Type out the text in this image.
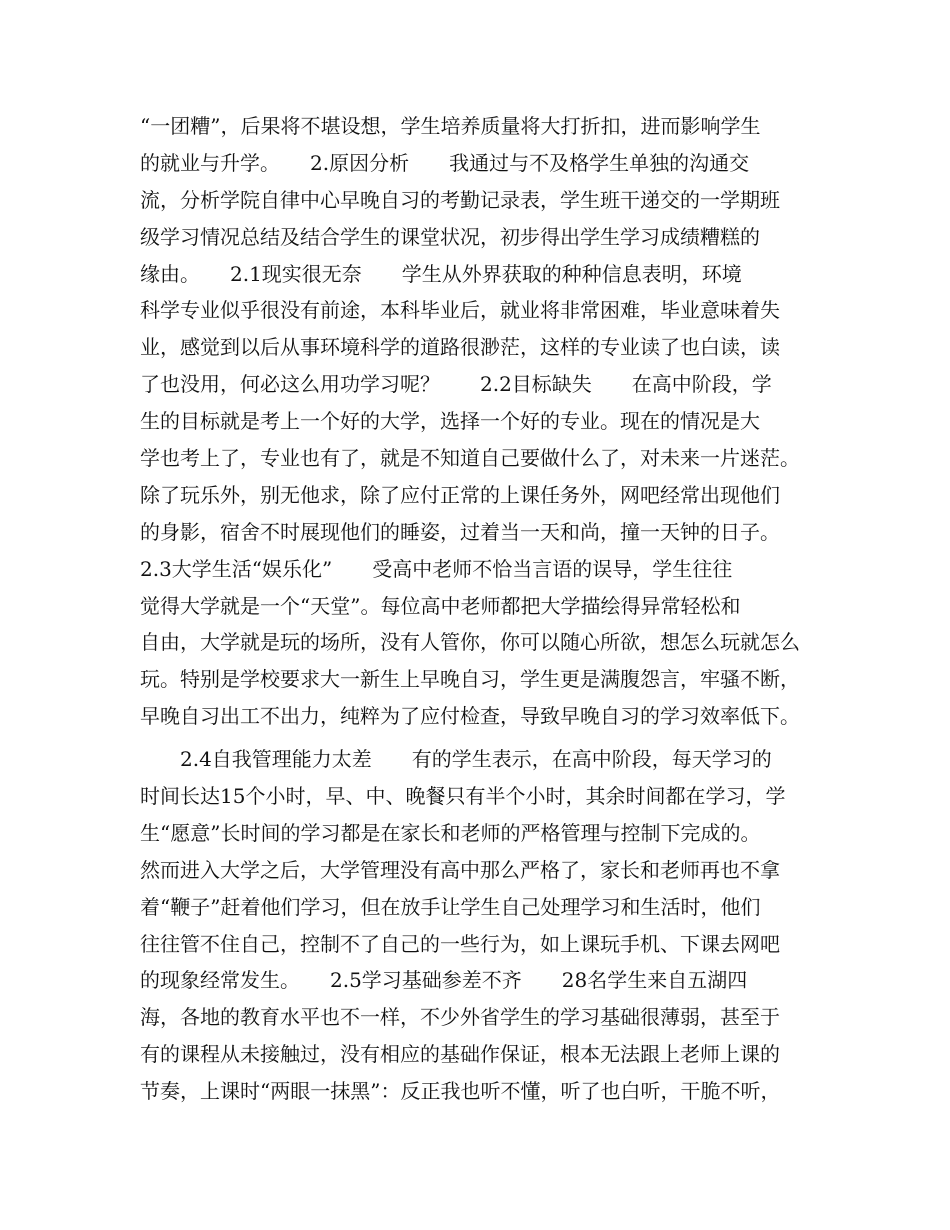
“一团糟”，后果将不堪设想，学生培养质量将大打折扣，进而影响学生
的就业与升学。　　2.原因分析　　我通过与不及格学生单独的沟通交
流，分析学院自律中心早晚自习的考勤记录表，学生班干递交的一学期班
级学习情况总结及结合学生的课堂状况，初步得出学生学习成绩糟糕的
缘由。　　2.1现实很无奈　　学生从外界获取的种种信息表明，环境
科学专业似乎很没有前途，本科毕业后，就业将非常困难，毕业意味着失
业，感觉到以后从事环境科学的道路很渺茫，这样的专业读了也白读，读
了也没用，何必这么用功学习呢？　　2.2目标缺失　　在高中阶段，学
生的目标就是考上一个好的大学，选择一个好的专业。现在的情况是大
学也考上了，专业也有了，就是不知道自己要做什么了，对未来一片迷茫。
除了玩乐外，别无他求，除了应付正常的上课任务外，网吧经常出现他们
的身影，宿舍不时展现他们的睡姿，过着当一天和尚，撞一天钟的日子。
2.3大学生活“娱乐化”　　受高中老师不恰当言语的误导，学生往往
觉得大学就是一个“天堂”。每位高中老师都把大学描绘得异常轻松和
自由，大学就是玩的场所，没有人管你，你可以随心所欲，想怎么玩就怎么
玩。特别是学校要求大一新生上早晚自习，学生更是满腹怨言，牢骚不断，
早晚自习出工不出力，纯粹为了应付检查，导致早晚自习的学习效率低下。
　　2.4自我管理能力太差　　有的学生表示，在高中阶段，每天学习的
时间长达15个小时，早、中、晚餐只有半个小时，其余时间都在学习，学
生“愿意”长时间的学习都是在家长和老师的严格管理与控制下完成的。
然而进入大学之后，大学管理没有高中那么严格了，家长和老师再也不拿
着“鞭子”赶着他们学习，但在放手让学生自己处理学习和生活时，他们
往往管不住自己，控制不了自己的一些行为，如上课玩手机、下课去网吧
的现象经常发生。　　2.5学习基础参差不齐　　28名学生来自五湖四
海，各地的教育水平也不一样，不少外省学生的学习基础很薄弱，甚至于
有的课程从未接触过，没有相应的基础作保证，根本无法跟上老师上课的
节奏，上课时“两眼一抹黑”：反正我也听不懂，听了也白听，干脆不听，
